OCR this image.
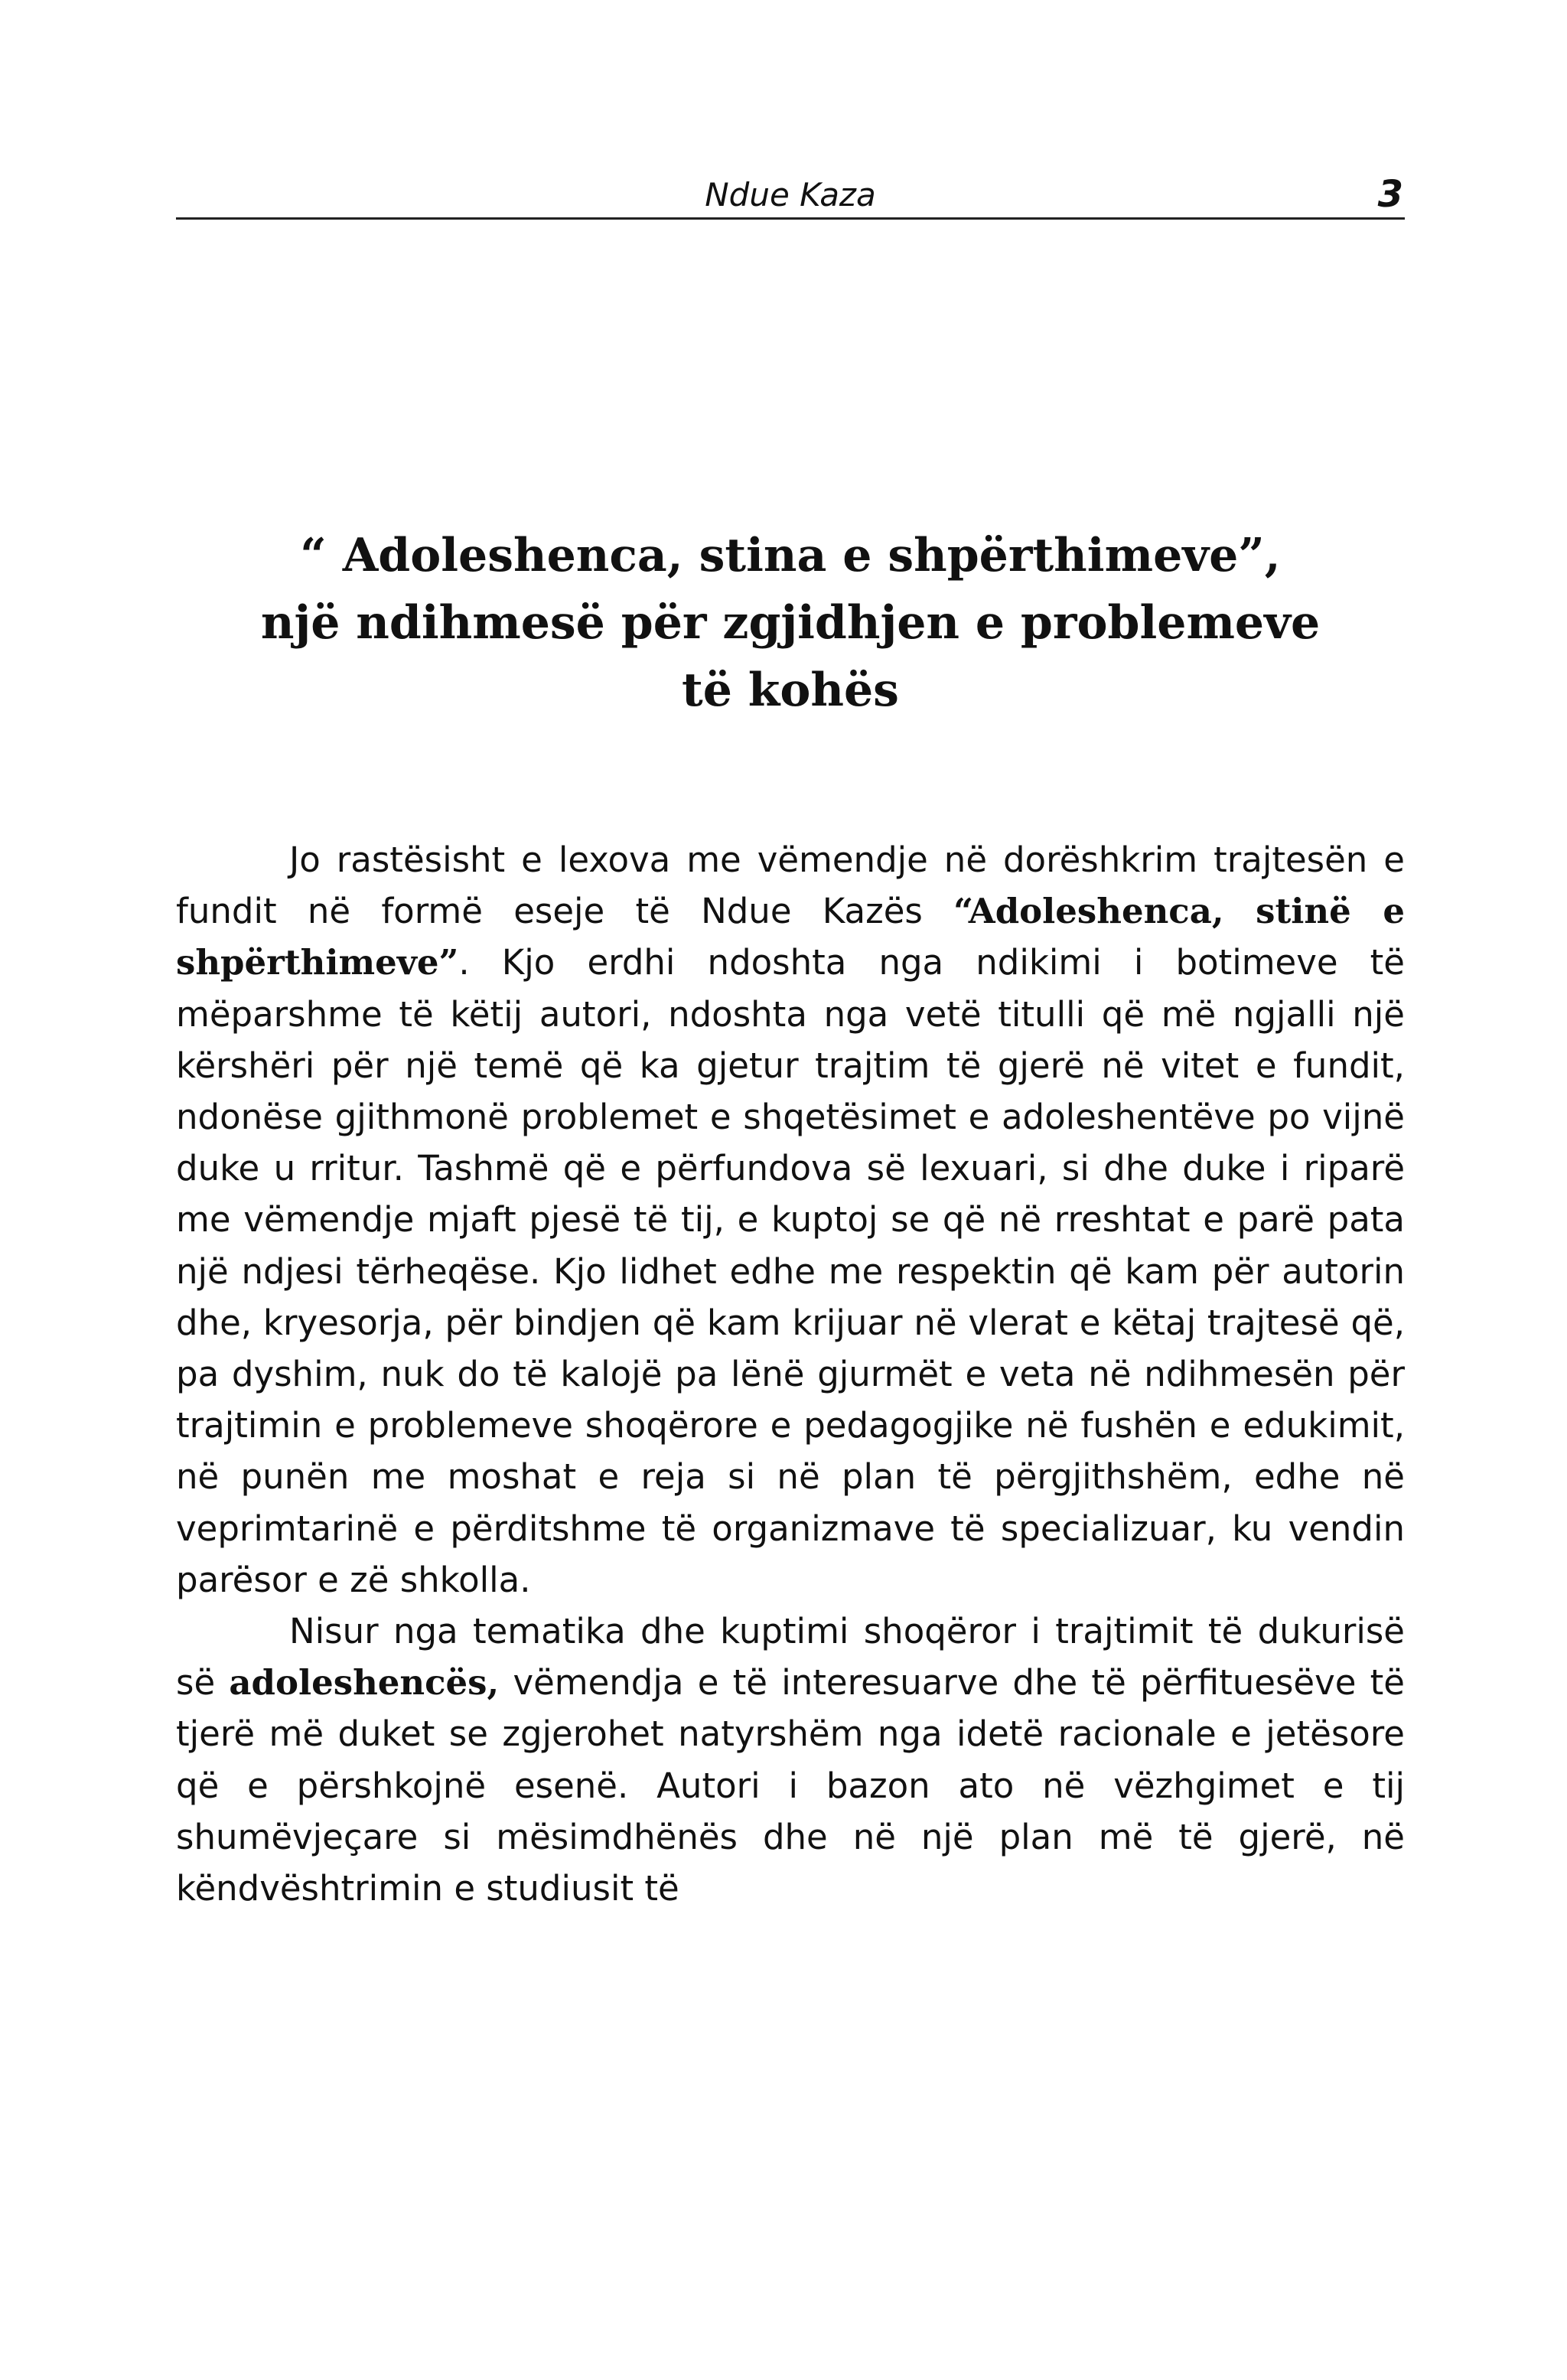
Ndue Kaza	3
“ Adoleshenca, stina e shpërthimeve”,
një ndihmesë për zgjidhjen e problemeve
të kohës

Jo rastësisht e lexova me vëmendje në dorëshkrim trajtesën e fundit në formë eseje të Ndue Kazës “Adoleshenca, stinë e shpërthimeve”. Kjo erdhi ndoshta nga ndikimi i botimeve të mëparshme të këtij autori, ndoshta nga vetë titulli që më ngjalli një kërshëri për një temë që ka gjetur trajtim të gjerë në vitet e fundit, ndonëse gjithmonë problemet e shqetësimet e adoleshentëve po vijnë duke u rritur. Tashmë që e përfundova së lexuari, si dhe duke i riparë me vëmendje mjaft pjesë të tij, e kuptoj se që në rreshtat e parë pata një ndjesi tërheqëse. Kjo lidhet edhe me respektin që kam për autorin dhe, kryesorja, për bindjen që kam krijuar në vlerat e këtaj trajtesë që, pa dyshim, nuk do të kalojë pa lënë gjurmët e veta në ndihmesën për trajtimin e problemeve shoqërore e pedagogjike në fushën e edukimit, në punën me moshat e reja si në plan të përgjithshëm, edhe në veprimtarinë e përditshme të organizmave të specializuar, ku vendin parësor e zë shkolla.

Nisur nga tematika dhe kuptimi shoqëror i trajtimit të dukurisë së adoleshencës, vëmendja e të interesuarve dhe të përfituesëve të tjerë më duket se zgjerohet natyrshëm nga idetë racionale e jetësore që e përshkojnë esenë. Autori i bazon ato në vëzhgimet e tij shumëvjeçare si mësimdhënës dhe në një plan më të gjerë, në këndvështrimin e studiusit të
